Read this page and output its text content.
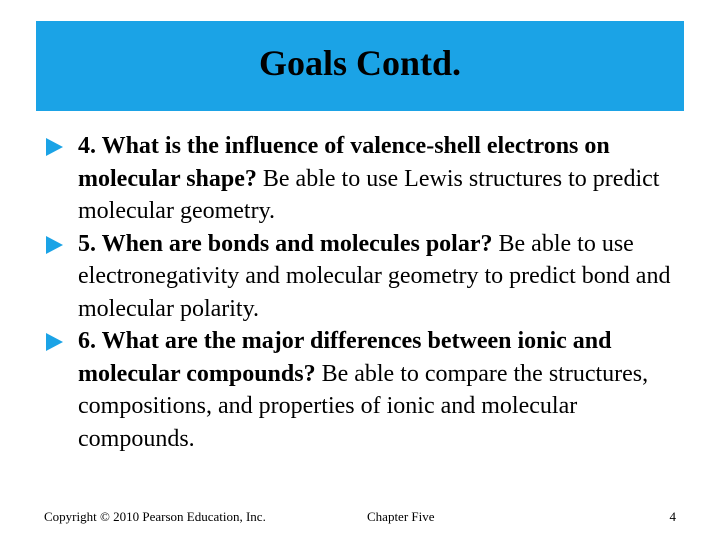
Goals Contd.
4. What is the influence of valence-shell electrons on molecular shape? Be able to use Lewis structures to predict molecular geometry.
5. When are bonds and molecules polar? Be able to use electronegativity and molecular geometry to predict bond and molecular polarity.
6. What are the major differences between ionic and molecular compounds? Be able to compare the structures, compositions, and properties of ionic and molecular compounds.
Copyright © 2010 Pearson Education, Inc.	Chapter Five	4
